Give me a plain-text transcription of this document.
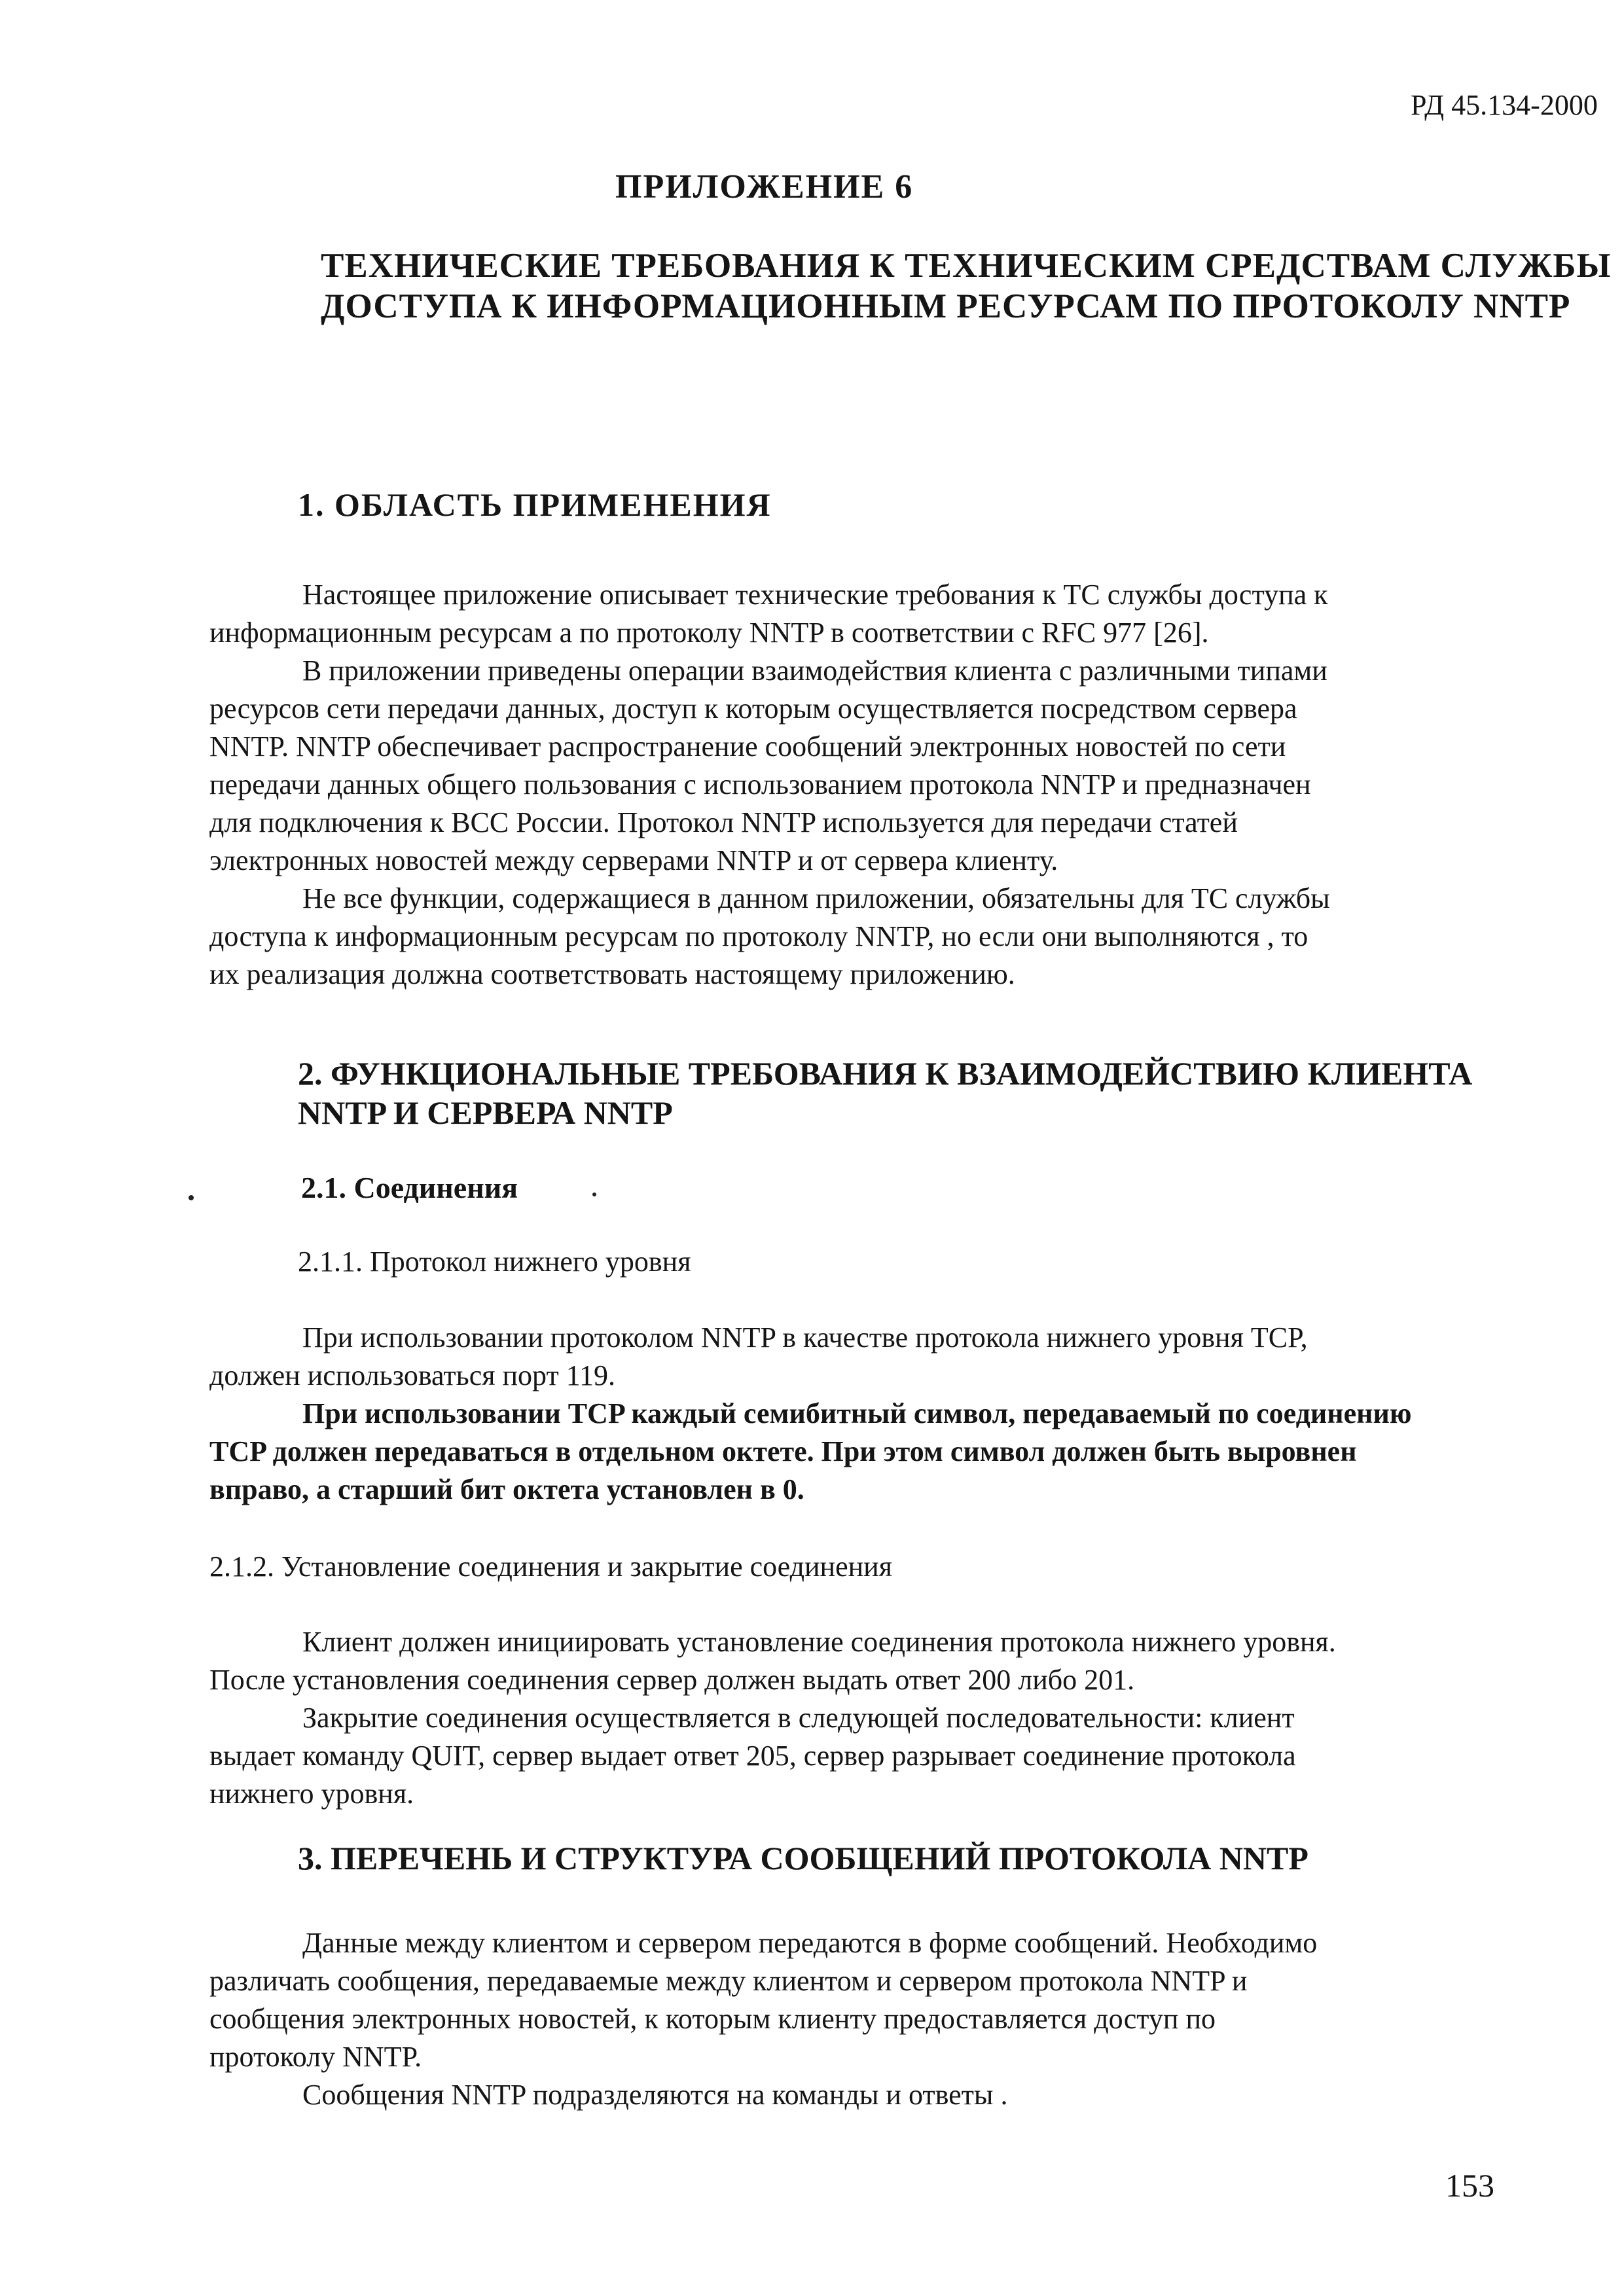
РД 45.134-2000
ПРИЛОЖЕНИЕ 6
ТЕХНИЧЕСКИЕ ТРЕБОВАНИЯ К ТЕХНИЧЕСКИМ СРЕДСТВАМ СЛУЖБЫ
ДОСТУПА К ИНФОРМАЦИОННЫМ РЕСУРСАМ ПО ПРОТОКОЛУ NNTP
1. ОБЛАСТЬ ПРИМЕНЕНИЯ
Настоящее приложение описывает технические требования к ТС службы доступа к
информационным ресурсам а по протоколу NNTP в соответствии с RFC 977 [26].
В приложении приведены операции взаимодействия клиента с различными типами
ресурсов сети передачи данных, доступ к которым осуществляется посредством сервера
NNTP. NNTP обеспечивает распространение сообщений электронных новостей по сети
передачи данных общего пользования с использованием протокола NNTP и предназначен
для подключения к ВСС России. Протокол NNTP используется для передачи статей
электронных новостей между серверами NNTP и от сервера клиенту.
Не все функции, содержащиеся в данном приложении, обязательны для ТС службы
доступа к информационным ресурсам по протоколу NNTP, но если они выполняются , то
их реализация должна соответствовать настоящему приложению.
2. ФУНКЦИОНАЛЬНЫЕ ТРЕБОВАНИЯ К ВЗАИМОДЕЙСТВИЮ КЛИЕНТА
NNTP И СЕРВЕРА NNTP
2.1. Соединения
2.1.1. Протокол нижнего уровня
При использовании протоколом NNTP в качестве протокола нижнего уровня TCP,
должен использоваться порт 119.
При использовании TCP каждый семибитный символ, передаваемый по соединению
TCP должен передаваться в отдельном октете. При этом символ должен быть выровнен
вправо, а старший бит октета установлен в 0.
2.1.2. Установление соединения и закрытие соединения
Клиент должен инициировать установление соединения протокола нижнего уровня.
После установления соединения сервер должен выдать ответ 200 либо 201.
Закрытие соединения осуществляется в следующей последовательности: клиент
выдает команду QUIT, сервер выдает ответ 205, сервер разрывает соединение протокола
нижнего уровня.
3. ПЕРЕЧЕНЬ И СТРУКТУРА СООБЩЕНИЙ ПРОТОКОЛА NNTP
Данные между клиентом и сервером передаются в форме сообщений. Необходимо
различать сообщения, передаваемые между клиентом и сервером протокола NNTP и
сообщения электронных новостей, к которым клиенту предоставляется доступ по
протоколу NNTP.
Сообщения NNTP подразделяются на команды и ответы .
153
